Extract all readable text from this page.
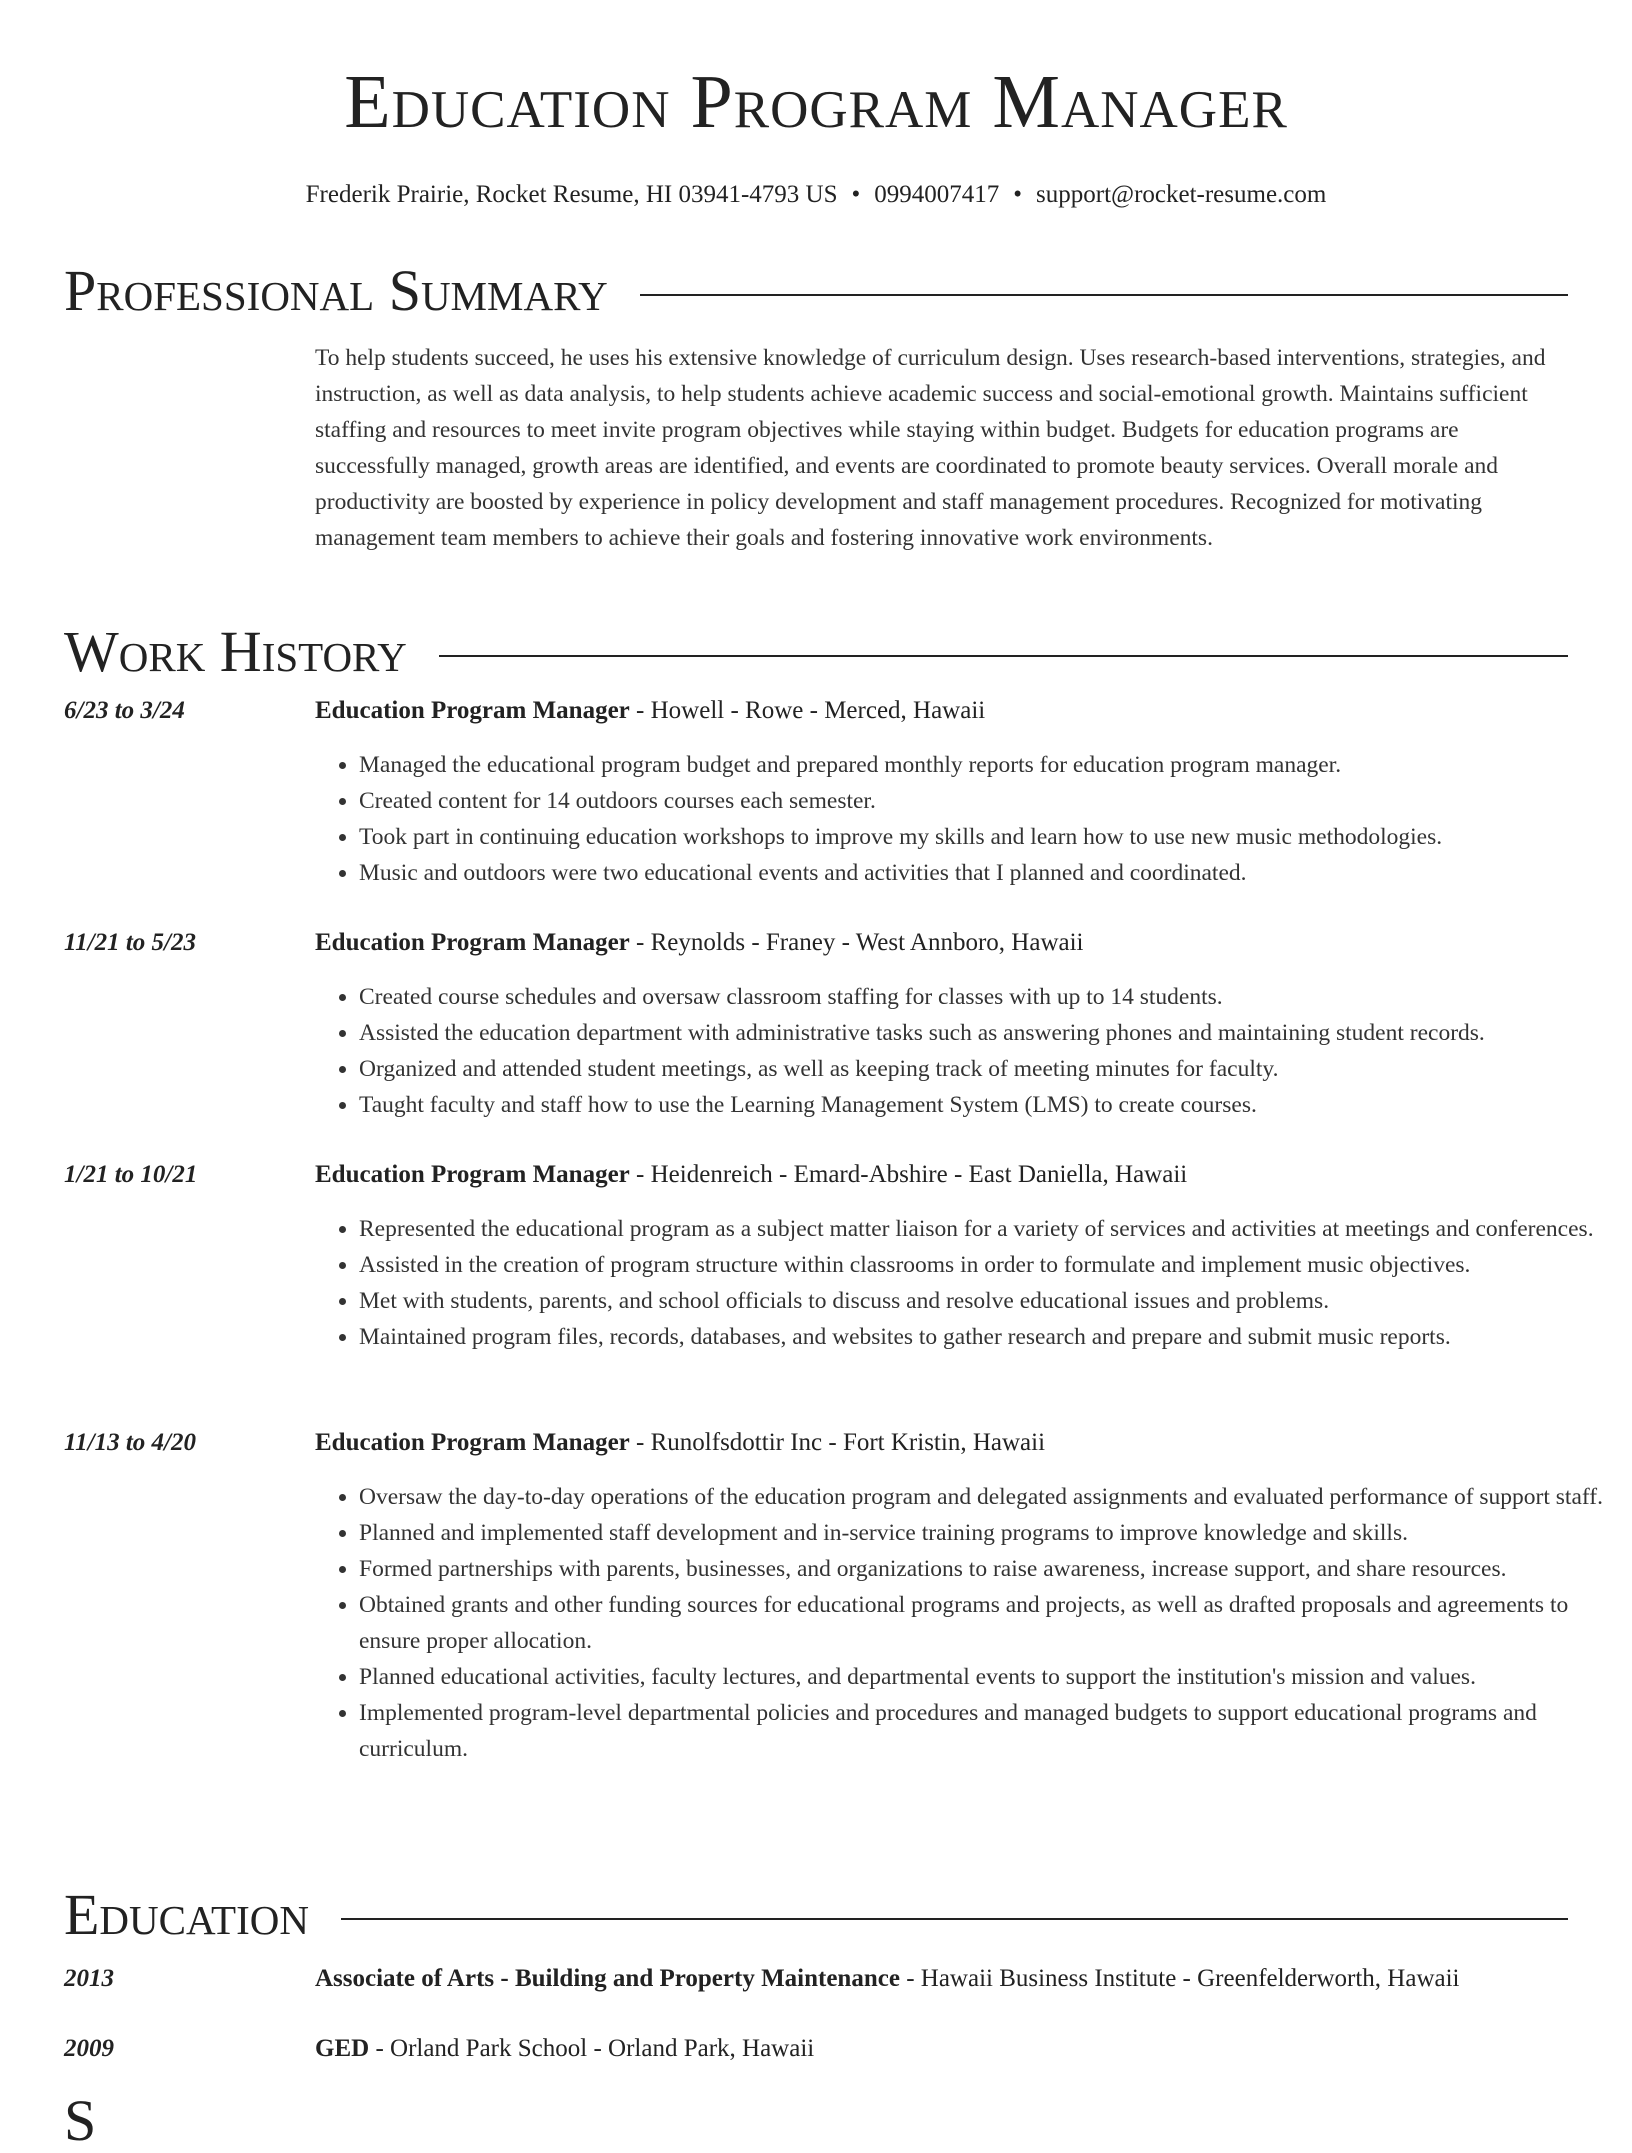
Education Program Manager
Frederik Prairie, Rocket Resume, HI 03941-4793 US • 0994007417 • support@rocket-resume.com
Professional Summary
To help students succeed, he uses his extensive knowledge of curriculum design. Uses research-based interventions, strategies, and instruction, as well as data analysis, to help students achieve academic success and social-emotional growth. Maintains sufficient staffing and resources to meet invite program objectives while staying within budget. Budgets for education programs are successfully managed, growth areas are identified, and events are coordinated to promote beauty services. Overall morale and productivity are boosted by experience in policy development and staff management procedures. Recognized for motivating management team members to achieve their goals and fostering innovative work environments.
Work History
6/23 to 3/24	Education Program Manager - Howell - Rowe - Merced, Hawaii
• Managed the educational program budget and prepared monthly reports for education program manager.
• Created content for 14 outdoors courses each semester.
• Took part in continuing education workshops to improve my skills and learn how to use new music methodologies.
• Music and outdoors were two educational events and activities that I planned and coordinated.
11/21 to 5/23	Education Program Manager - Reynolds - Franey - West Annboro, Hawaii
• Created course schedules and oversaw classroom staffing for classes with up to 14 students.
• Assisted the education department with administrative tasks such as answering phones and maintaining student records.
• Organized and attended student meetings, as well as keeping track of meeting minutes for faculty.
• Taught faculty and staff how to use the Learning Management System (LMS) to create courses.
1/21 to 10/21	Education Program Manager - Heidenreich - Emard-Abshire - East Daniella, Hawaii
• Represented the educational program as a subject matter liaison for a variety of services and activities at meetings and conferences.
• Assisted in the creation of program structure within classrooms in order to formulate and implement music objectives.
• Met with students, parents, and school officials to discuss and resolve educational issues and problems.
• Maintained program files, records, databases, and websites to gather research and prepare and submit music reports.
11/13 to 4/20	Education Program Manager - Runolfsdottir Inc - Fort Kristin, Hawaii
• Oversaw the day-to-day operations of the education program and delegated assignments and evaluated performance of support staff.
• Planned and implemented staff development and in-service training programs to improve knowledge and skills.
• Formed partnerships with parents, businesses, and organizations to raise awareness, increase support, and share resources.
• Obtained grants and other funding sources for educational programs and projects, as well as drafted proposals and agreements to ensure proper allocation.
• Planned educational activities, faculty lectures, and departmental events to support the institution's mission and values.
• Implemented program-level departmental policies and procedures and managed budgets to support educational programs and curriculum.
Education
2013	Associate of Arts - Building and Property Maintenance - Hawaii Business Institute - Greenfelderworth, Hawaii
2009	GED - Orland Park School - Orland Park, Hawaii
S
